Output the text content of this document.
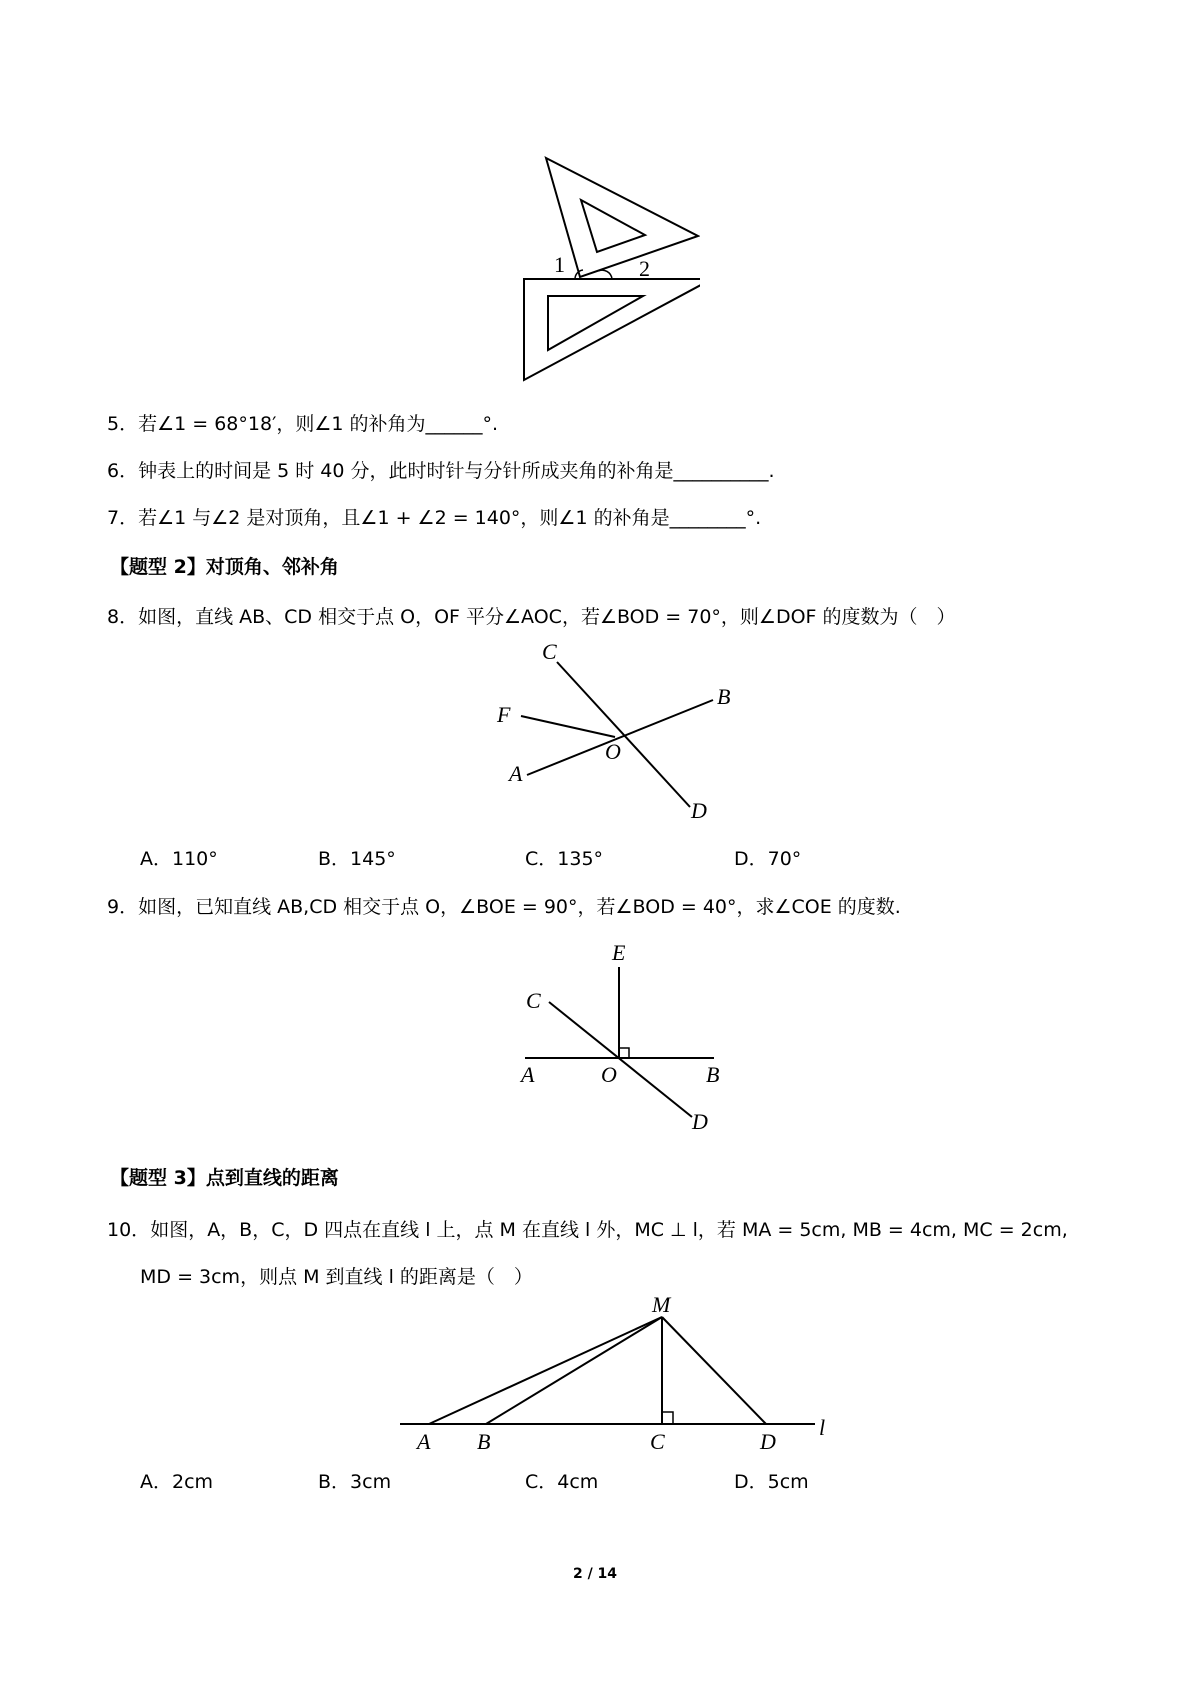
1	2
5．若∠1 = 68°18′，则∠1 的补角为______°.
6．钟表上的时间是 5 时 40 分，此时时针与分针所成夹角的补角是__________.
7．若∠1 与∠2 是对顶角，且∠1 + ∠2 = 140°，则∠1 的补角是________°.
【题型 2】对顶角、邻补角
8．如图，直线 AB、CD 相交于点 O，OF 平分∠AOC，若∠BOD = 70°，则∠DOF 的度数为（　）
C
B
F
O
A
D
A．110°	B．145°	C．135°	D．70°
9．如图，已知直线 AB,CD 相交于点 O，∠BOE = 90°，若∠BOD = 40°，求∠COE 的度数.
E
C
A	O	B
D
【题型 3】点到直线的距离
10．如图，A，B，C，D 四点在直线 l 上，点 M 在直线 l 外，MC ⊥ l，若 MA = 5cm, MB = 4cm, MC = 2cm,
MD = 3cm，则点 M 到直线 l 的距离是（　）
M
A B	C	D
l
A．2cm	B．3cm	C．4cm	D．5cm
2 / 14
